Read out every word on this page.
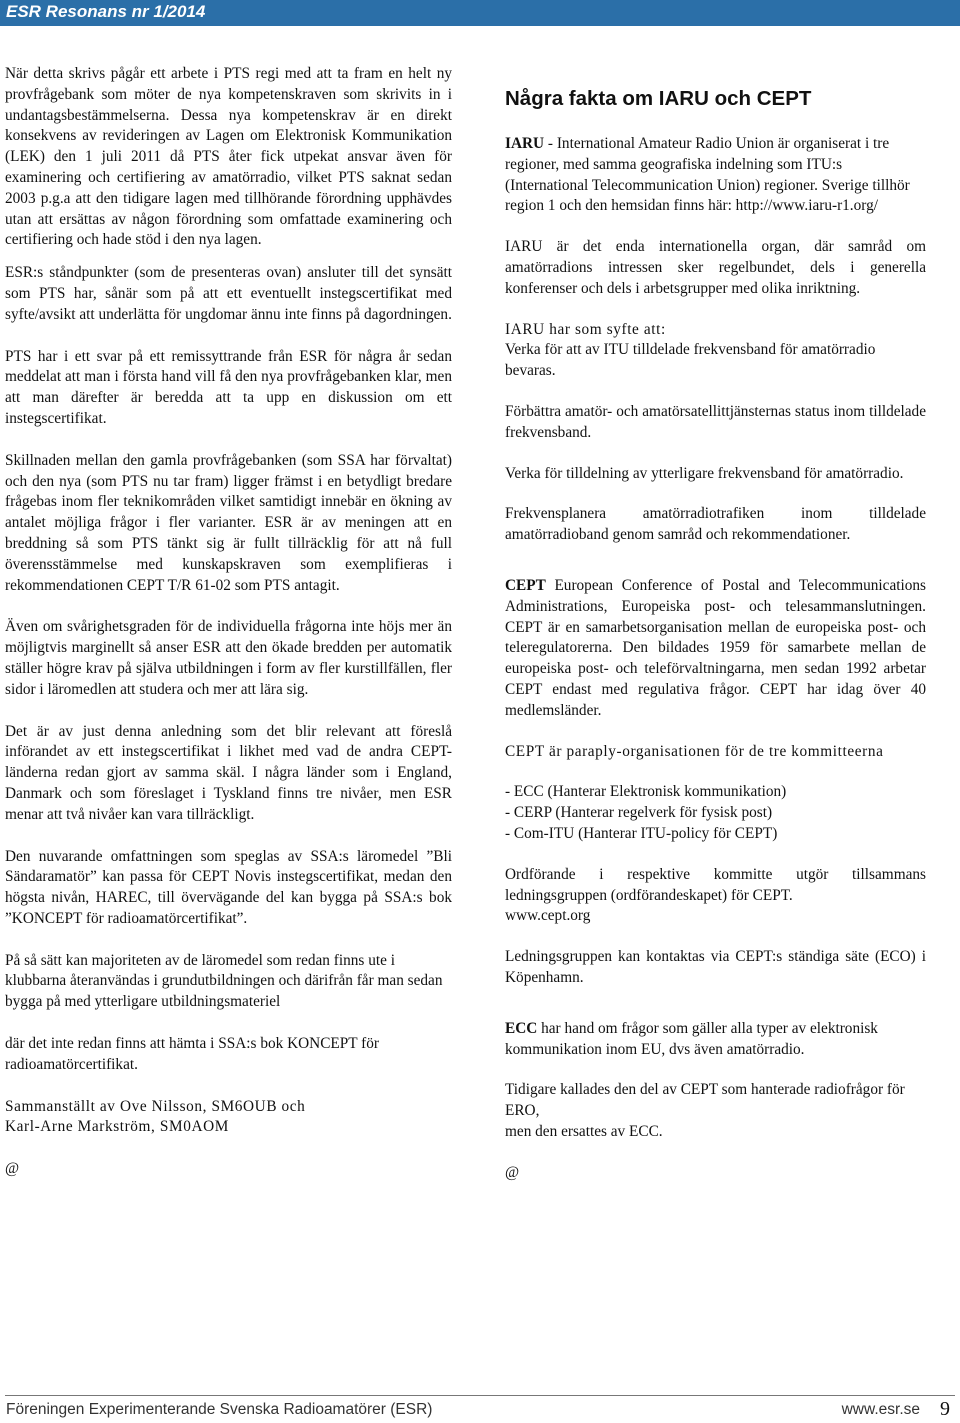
ESR Resonans nr 1/2014

När detta skrivs pågår ett arbete i PTS regi med att ta fram en helt ny provfrågebank som möter de nya kompetenskraven som skrivits in i undantagsbestämmelserna. Dessa nya kompetenskrav är en direkt konsekvens av revideringen av Lagen om Elektronisk Kommunikation (LEK) den 1 juli 2011 då PTS åter fick utpekat ansvar även för examinering och certifiering av amatörradio, vilket PTS saknat sedan 2003 p.g.a att den tidigare lagen med tillhörande förordning upphävdes utan att ersättas av någon förordning som omfattade examinering och certifiering och hade stöd i den nya lagen.

ESR:s ståndpunkter (som de presenteras ovan) ansluter till det synsätt som PTS har, sånär som på att ett eventuellt instegscertifikat med syfte/avsikt att underlätta för ungdomar ännu inte finns på dagordningen.

PTS har i ett svar på ett remissyttrande från ESR för några år sedan meddelat att man i första hand vill få den nya provfrågebanken klar, men att man därefter är beredda att ta upp en diskussion om ett instegscertifikat.

Skillnaden mellan den gamla provfrågebanken (som SSA har förvaltat) och den nya (som PTS nu tar fram) ligger främst i en betydligt bredare frågebas inom fler teknikområden vilket samtidigt innebär en ökning av antalet möjliga frågor i fler varianter. ESR är av meningen att en breddning så som PTS tänkt sig är fullt tillräcklig för att nå full överensstämmelse med kunskapskraven som exemplifieras i rekommendationen CEPT T/R 61-02 som PTS antagit.

Även om svårighetsgraden för de individuella frågorna inte höjs mer än möjligtvis marginellt så anser ESR att den ökade bredden per automatik ställer högre krav på själva utbildningen i form av fler kurstillfällen, fler sidor i läromedlen att studera och mer att lära sig.

Det är av just denna anledning som det blir relevant att föreslå införandet av ett instegscertifikat i likhet med vad de andra CEPT-länderna redan gjort av samma skäl. I några länder som i England, Danmark och som föreslaget i Tyskland finns tre nivåer, men ESR menar att två nivåer kan vara tillräckligt.

Den nuvarande omfattningen som speglas av SSA:s läromedel ”Bli Sändaramatör” kan passa för CEPT Novis instegscertifikat, medan den högsta nivån, HAREC, till övervägande del kan bygga på SSA:s bok ”KONCEPT för radioamatörcertifikat”.

På så sätt kan majoriteten av de läromedel som redan finns ute i klubbarna återanvändas i grundutbildningen och därifrån får man sedan bygga på med ytterligare utbildningsmateriel

där det inte redan finns att hämta i SSA:s bok KONCEPT för radioamatörcertifikat.

Sammanställt av Ove Nilsson, SM6OUB och
Karl-Arne Markström, SM0AOM

@

Några fakta om IARU och CEPT

IARU - International Amateur Radio Union är organiserat i tre regioner, med samma geografiska indelning som ITU:s (International Telecommunication Union) regioner. Sverige tillhör region 1 och den hemsidan finns här: http://www.iaru-r1.org/

IARU är det enda internationella organ, där samråd om amatörradions intressen sker regelbundet, dels i generella konferenser och dels i arbetsgrupper med olika inriktning.

IARU har som syfte att:
Verka för att av ITU tilldelade frekvensband för amatörradio bevaras.

Förbättra amatör- och amatörsatellittjänsternas status inom tilldelade frekvensband.

Verka för tilldelning av ytterligare frekvensband för amatörradio.

Frekvensplanera amatörradiotrafiken inom tilldelade amatörradioband genom samråd och rekommendationer.

CEPT European Conference of Postal and Telecommunications Administrations, Europeiska post- och telesammanslutningen. CEPT är en samarbetsorganisation mellan de europeiska post- och teleregulatorerna. Den bildades 1959 för samarbete mellan de europeiska post- och teleförvaltningarna, men sedan 1992 arbetar CEPT endast med regulativa frågor. CEPT har idag över 40 medlemsländer.

CEPT är paraply-organisationen för de tre kommitteerna

- ECC (Hanterar Elektronisk kommunikation)
- CERP (Hanterar regelverk för fysisk post)
- Com-ITU (Hanterar ITU-policy för CEPT)

Ordförande i respektive kommitte utgör tillsammans ledningsgruppen (ordförandeskapet) för CEPT.
www.cept.org

Ledningsgruppen kan kontaktas via CEPT:s ständiga säte (ECO) i Köpenhamn.

ECC har hand om frågor som gäller alla typer av elektronisk kommunikation inom EU, dvs även amatörradio.

Tidigare kallades den del av CEPT som hanterade radiofrågor för ERO,
men den ersattes av ECC.

@

Föreningen Experimenterande Svenska Radioamatörer (ESR)	www.esr.se 9
